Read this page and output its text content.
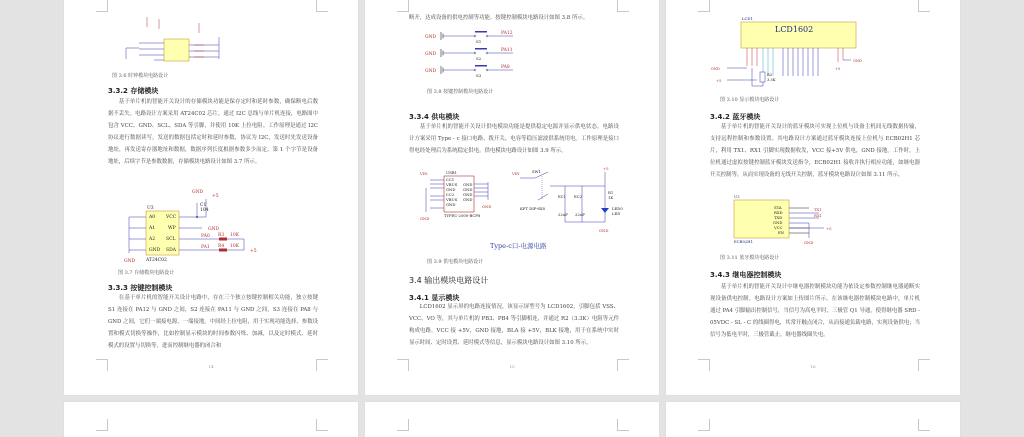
图 3.6 时钟模块电路设计
3.3.2 存储模块

基于单片机的智能开关设计的存储模块功能是保存定时和延时参数，确保断电后数据不丢失。电路设计方案采用 AT24C02 芯片，通过 I2C 总线与单片机连接，电路图中包含 VCC、GND、SCL、SDA 等引脚，并使用 10K 上拉电阻。工作原理是通过 I2C 协议进行数据读写，发送的数据包括定时和延时参数，协议为 I2C，发送时先发送设备地址，再发送寄存器地址和数据，数据序列长度根据参数多少而定，第 1 个字节是设备地址，后续字节是参数数据，存储模块电路设计如图 3.7 所示。

A0
A1
A2
GND
VCC
WP
SCL
SDA
U3
AT24C02
C1
104
GND
+5
GND
PA0
PA1
R3
R4
10K
10K
+5
GND
图 3.7 存储模块电路设计
3.3.3 按键控制模块

在基于单片机的智能开关设计电路中，存在三个独立按键控制相关功能，独立按键 S1 连接在 PA12 与 GND 之间，S2 连接在 PA11 与 GND 之间，S3 连接在 PA8 与 GND 之间，它们一端接电源，一端接地，中间经上拉电阻，用于实现功能选择、参数设置和模式切换等操作，比如控制显示模块的时间参数闪烁、加减，以及定时模式、延时模式的设置与切换等，进而控制继电器的闭合和

14
断开，达成设备的供电控制等功能。按键控制模块电路设计如图 3.8 所示。
GND
GND
GND
PA12
PA11
PA8
S1
S2
S3
图 3.8 按键控制模块电路设计
3.3.4 供电模块

基于单片机的智能开关设计供电模块功能是提供稳定电源并显示供电状态。电路设计方案采用 Type - c 接口电路、拨开关、电容等稳压滤波供系统用电。工作原理是接口得电经处理后为系统稳定供电。供电模块电路设计如图 3.9 所示。

CC1
VBUS
GND
CC2
VBUS
GND
GND
GND
GND
GND
USB1
TYPEC-2500-BCP8
SW1
KFT DIP-8X8
EC1 EC2
22uF 22uF
R1
1K
LED0
LED
VIN	VIN
+5
GND
GND
GND
Type-c口-电源电路
图 3.9 供电模块电路设计
3.4 输出模块电路设计
3.4.1 显示模块

LCD1602 显示屏的电路连接情况，该显示屏型号为 LCD1602，引脚包括 VSS、VCC、VO 等，其与单片机的 PB3、PB4 等引脚相连，并通过 R2（3.3K）电阻等元件构成电路。VCC 接 +5V，GND 接地，BLA 接 +5V，BLK 接地，用于在系统中实时显示时间、定时设置、延时模式等信息，显示模块电路设计如图 3.10 所示。

15
LCD1602
LCD1
GND
+5
GND
+5
R2
3.3K
图 3.10 显示模块电路设计
3.4.2 蓝牙模块

基于单片机的智能开关设计的蓝牙模块可实现上位机与设备主机间无线数据传输，支持远程控制和参数设置。其电路设计方案通过蓝牙模块连接上位机与 ECB02H1 芯片，利用 TX1、RX1 引脚实现数据收发，VCC 接+5V 供电，GND 接地。工作时，上位机通过虚拟按键控制蓝牙模块发送指令，ECB02H1 接收并执行相应功能，如继电器开关控制等，从而实现设备的无线开关控制，蓝牙模块电路设计如图 3.11 所示。

STA
RXD
TXD
GND
VCC
EN
U2
ECB02H1
TX1
RX1
+5
GND
图 3.11 蓝牙模块电路设计
3.4.3 继电器控制模块

基于单片机的智能开关设计中继电器控制模块功能为依设定参数控制继电器通断实现设备供电控制。电路设计方案如上传图片所示。在该继电器控制模块电路中，单片机通过 PA4 引脚输出控制信号，当信号为高电平时，三极管 Q1 导通，使得继电器 SRD - 05VDC - SL - C 的线圈得电，其常开触点闭合，从而接通负载电路，实现设备供电；当信号为低电平时，三极管截止，继电器线圈失电。

16
